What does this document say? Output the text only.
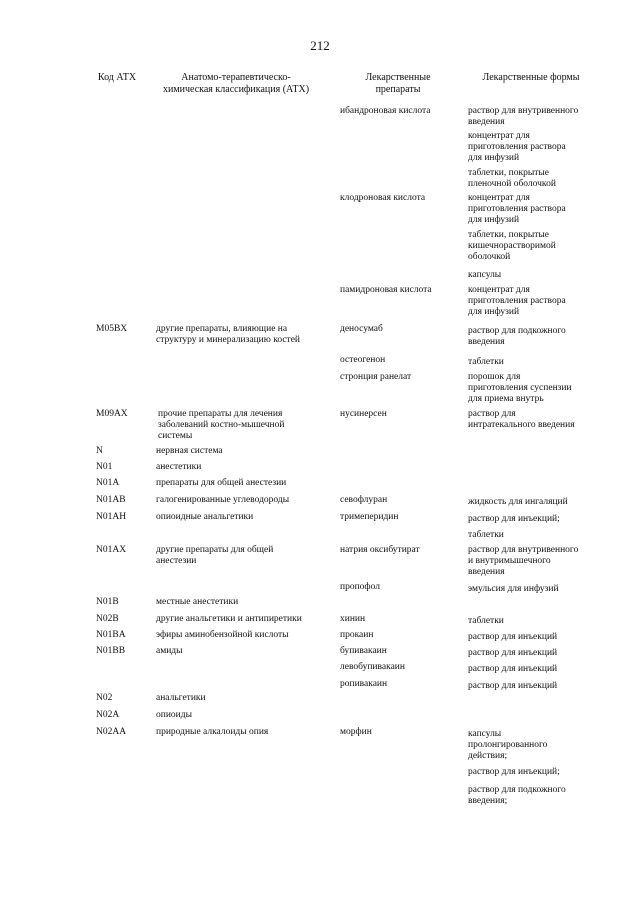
212
Код АТХ	Анатомо-терапевтическо-
химическая классификация (АТХ)
Лекарственные
препараты
Лекарственные формы
M05BX
M09AX
N
N01
N01A
N01AB
N01AH
N01AX
N01B
N02B
N01BA
N01BB
N02
N02A
N02AA
другие препараты, влияющие на
структуру и минерализацию костей
прочие препараты для лечения
заболеваний костно-мышечной
системы
нервная система
анестетики
препараты для общей анестезии
галогенированные углеводороды
опиоидные анальгетики
другие препараты для общей
анестезии
местные анестетики
другие анальгетики и антипиретики
эфиры аминобензойной кислоты
амиды
анальгетики
опиоиды
природные алкалоиды опия
ибандроновая кислота
клодроновая кислота
памидроновая кислота
деносумаб
остеогенон
стронция ранелат
нусинерсен
севофлуран
тримеперидин
натрия оксибутират
пропофол
хинин
прокаин
бупивакаин
левобупивакаин
ропивакаин
морфин
раствор для внутривенного
введения
концентрат для
приготовления раствора
для инфузий
таблетки, покрытые
пленочной оболочкой
концентрат для
приготовления раствора
для инфузий
таблетки, покрытые
кишечнорастворимой
оболочкой
капсулы
концентрат для
приготовления раствора
для инфузий
раствор для подкожного
введения
таблетки
порошок для
приготовления суспензии
для приема внутрь
раствор для
интратекального введения
жидкость для ингаляций
раствор для инъекций;
таблетки
раствор для внутривенного
и внутримышечного
введения
эмульсия для инфузий
таблетки
раствор для инъекций
раствор для инъекций
раствор для инъекций
раствор для инъекций
капсулы
пролонгированного
действия;
раствор для инъекций;
раствор для подкожного
введения;
